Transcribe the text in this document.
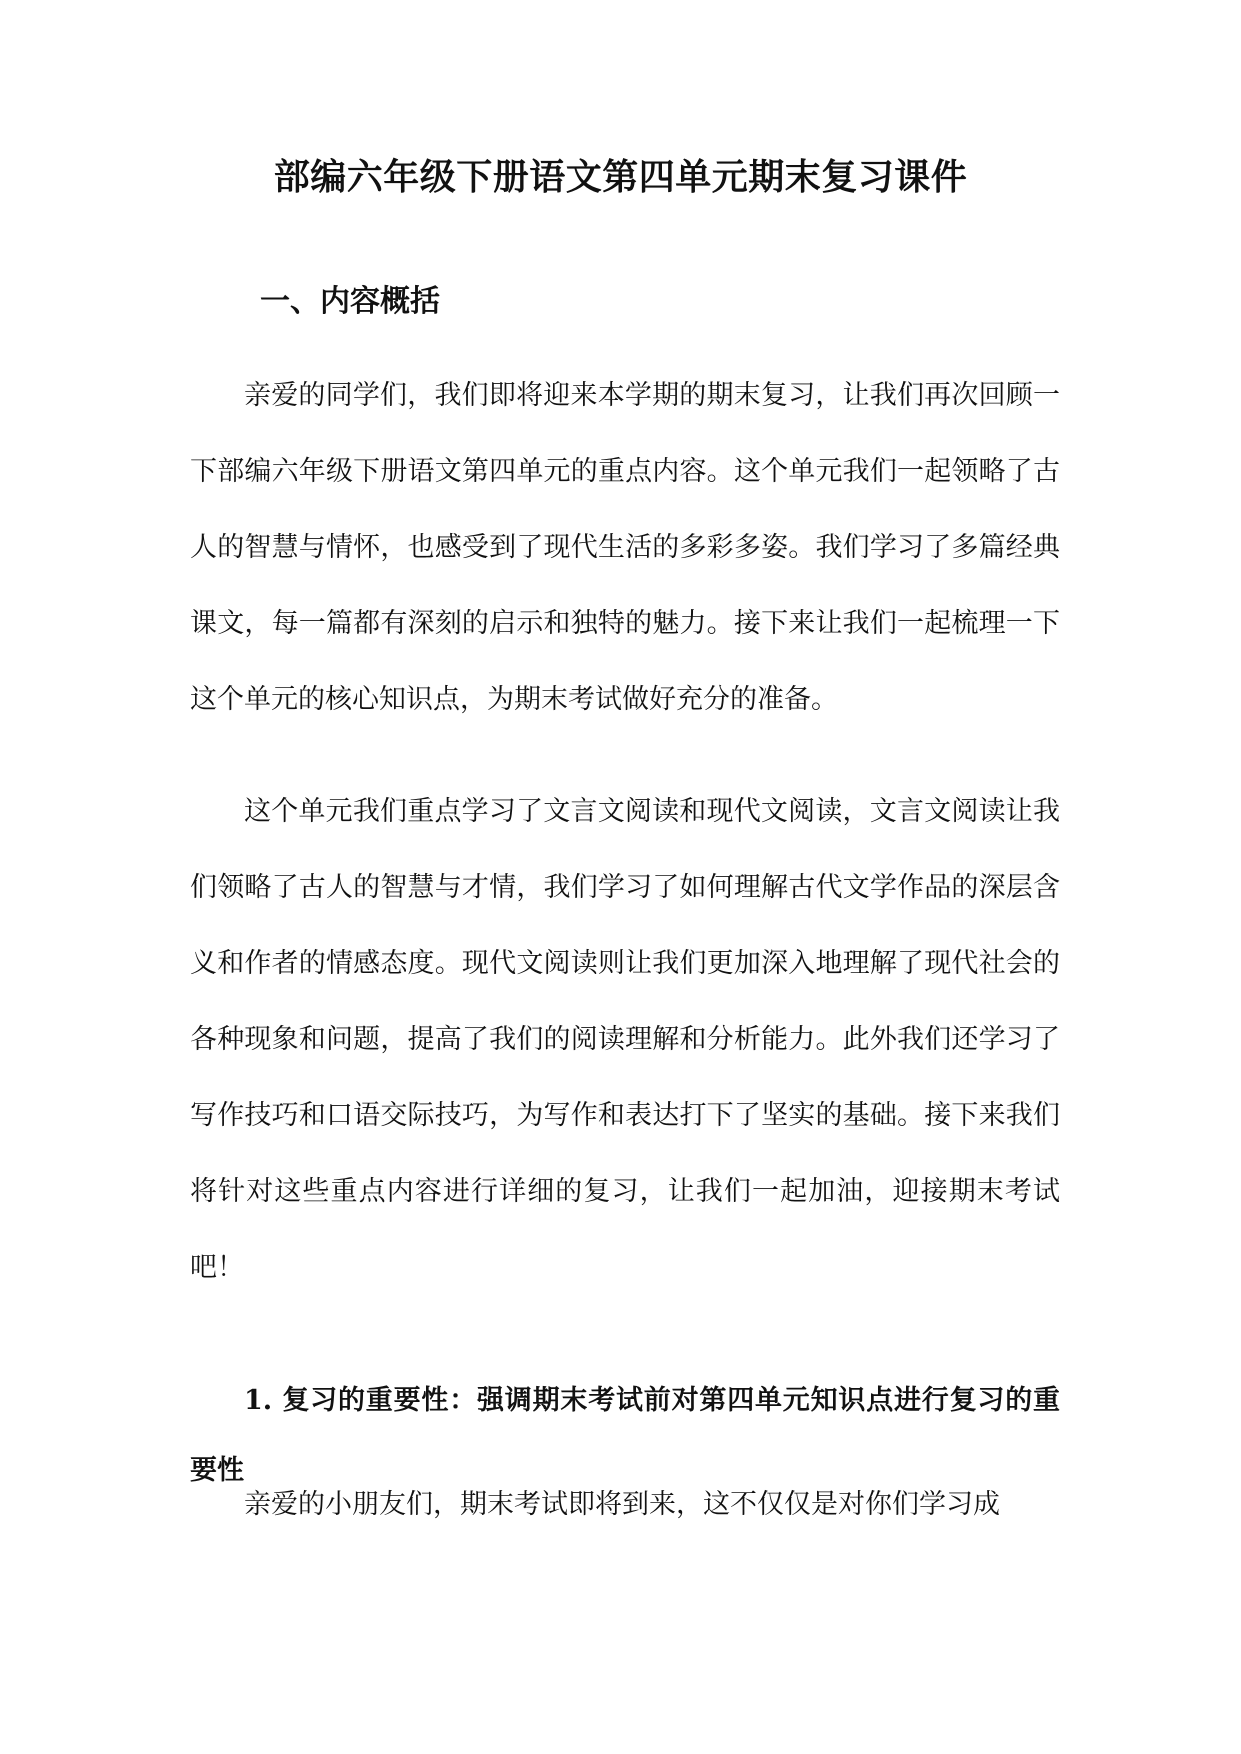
部编六年级下册语文第四单元期末复习课件
一、内容概括

亲爱的同学们，我们即将迎来本学期的期末复习，让我们再次回顾一下部编六年级下册语文第四单元的重点内容。这个单元我们一起领略了古人的智慧与情怀，也感受到了现代生活的多彩多姿。我们学习了多篇经典课文，每一篇都有深刻的启示和独特的魅力。接下来让我们一起梳理一下这个单元的核心知识点，为期末考试做好充分的准备。

这个单元我们重点学习了文言文阅读和现代文阅读，文言文阅读让我们领略了古人的智慧与才情，我们学习了如何理解古代文学作品的深层含义和作者的情感态度。现代文阅读则让我们更加深入地理解了现代社会的各种现象和问题，提高了我们的阅读理解和分析能力。此外我们还学习了写作技巧和口语交际技巧，为写作和表达打下了坚实的基础。接下来我们将针对这些重点内容进行详细的复习，让我们一起加油，迎接期末考试吧！

1. 复习的重要性：强调期末考试前对第四单元知识点进行复习的重要性

亲爱的小朋友们，期末考试即将到来，这不仅仅是对你们学习成
